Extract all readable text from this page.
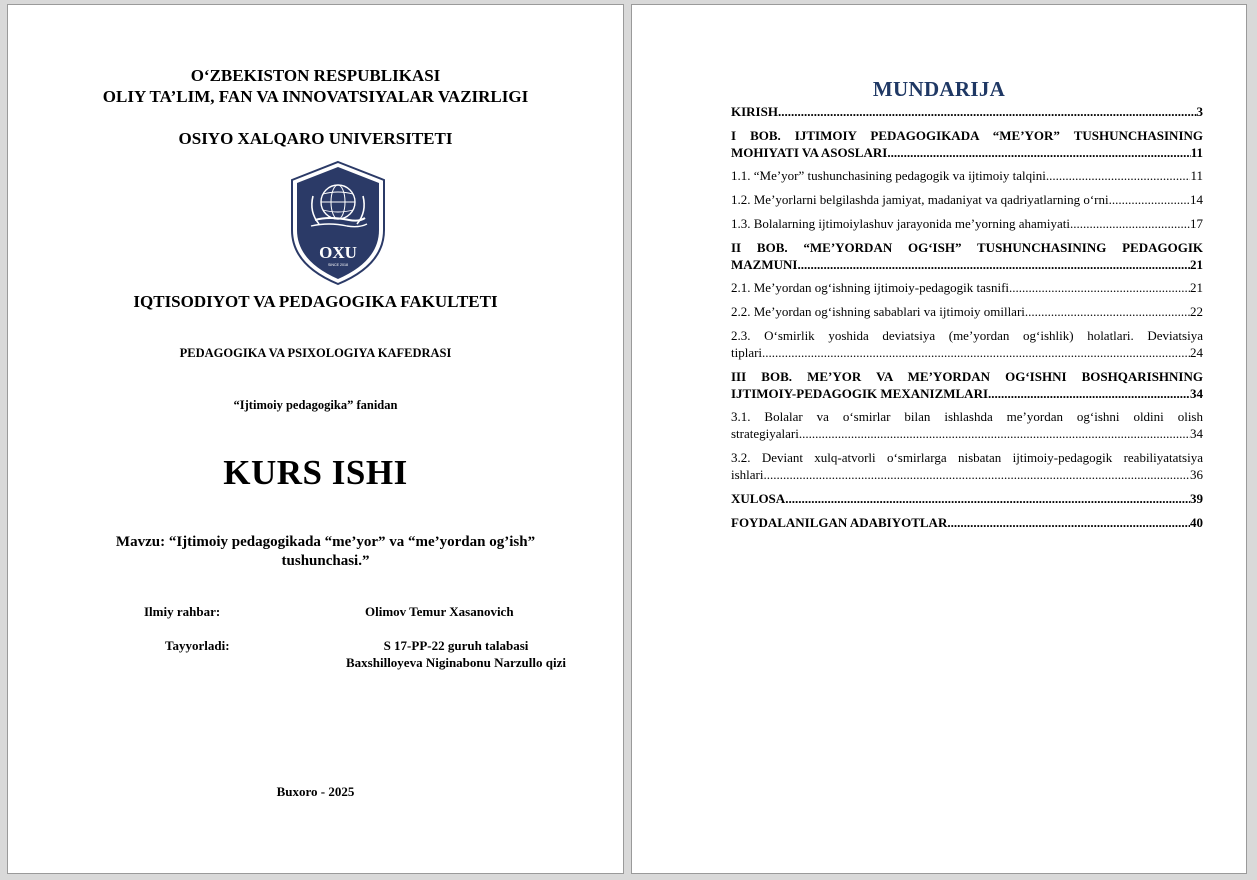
O‘ZBEKISTON RESPUBLIKASI
OLIY TA’LIM, FAN VA INNOVATSIYALAR VAZIRLIGI
OSIYO XALQARO UNIVERSITETI
OXU
SINCE 2018
IQTISODIYOT VA PEDAGOGIKA FAKULTETI
PEDAGOGIKA VA PSIXOLOGIYA KAFEDRASI
“Ijtimoiy pedagogika” fanidan
KURS ISHI
Mavzu: “Ijtimoiy pedagogikada “me’yor” va “me’yordan og’ish”
tushunchasi.”
Ilmiy rahbar:	Olimov Temur Xasanovich
Tayyorladi:	S 17-PP-22 guruh talabasi
Baxshilloyeva Niginabonu Narzullo qizi
Buxoro - 2025
MUNDARIJA
KIRISH .....	3
I BOB. IJTIMOIY PEDAGOGIKADA “ME’YOR” TUSHUNCHASINING
MOHIYATI VA ASOSLARI .....	11
1.1. “Me’yor” tushunchasining pedagogik va ijtimoiy talqini .....	11
1.2. Me’yorlarni belgilashda jamiyat, madaniyat va qadriyatlarning o‘rni .....	14
1.3. Bolalarning ijtimoiylashuv jarayonida me’yorning ahamiyati .....	17
II BOB. “ME’YORDAN OG‘ISH” TUSHUNCHASINING PEDAGOGIK
MAZMUNI .....	21
2.1. Me’yordan og‘ishning ijtimoiy-pedagogik tasnifi .....	21
2.2. Me’yordan og‘ishning sabablari va ijtimoiy omillari .....	22
2.3. O‘smirlik yoshida deviatsiya (me’yordan og‘ishlik) holatlari. Deviatsiya
tiplari .....	24
III BOB. ME’YOR VA ME’YORDAN OG‘ISHNI BOSHQARISHNING
IJTIMOIY-PEDAGOGIK MEXANIZMLARI .....	34
3.1. Bolalar va o‘smirlar bilan ishlashda me’yordan og‘ishni oldini olish
strategiyalari .....	34
3.2. Deviant xulq-atvorli o‘smirlarga nisbatan ijtimoiy-pedagogik reabiliyatatsiya
ishlari .....	36
XULOSA .....	39
FOYDALANILGAN ADABIYOTLAR .....	40
